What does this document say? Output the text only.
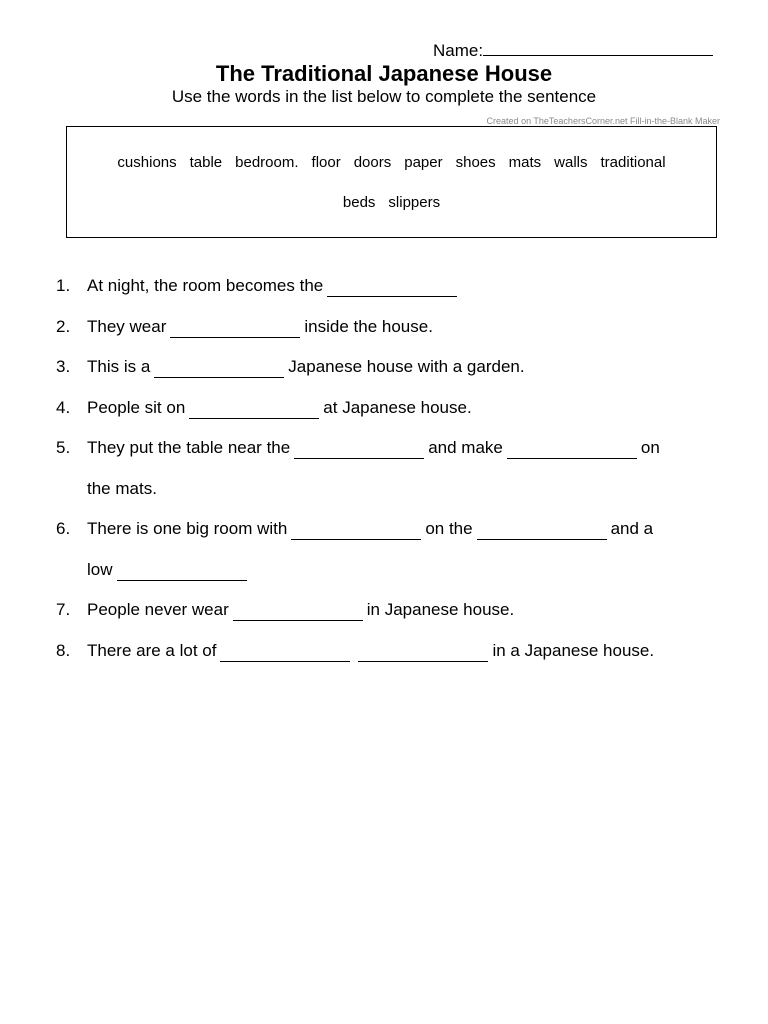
Name:
The Traditional Japanese House
Use the words in the list below to complete the sentence
Created on TheTeachersCorner.net Fill-in-the-Blank Maker
cushions table bedroom. floor doors paper shoes mats walls traditional
beds slippers
1. At night, the room becomes the
2. They wear	inside the house.
3. This is a	Japanese house with a garden.
4. People sit on	at Japanese house.
5. They put the table near the	and make	on
the mats.
6. There is one big room with	on the	and a
low
7. People never wear	in Japanese house.
8. There are a lot of	in a Japanese house.
